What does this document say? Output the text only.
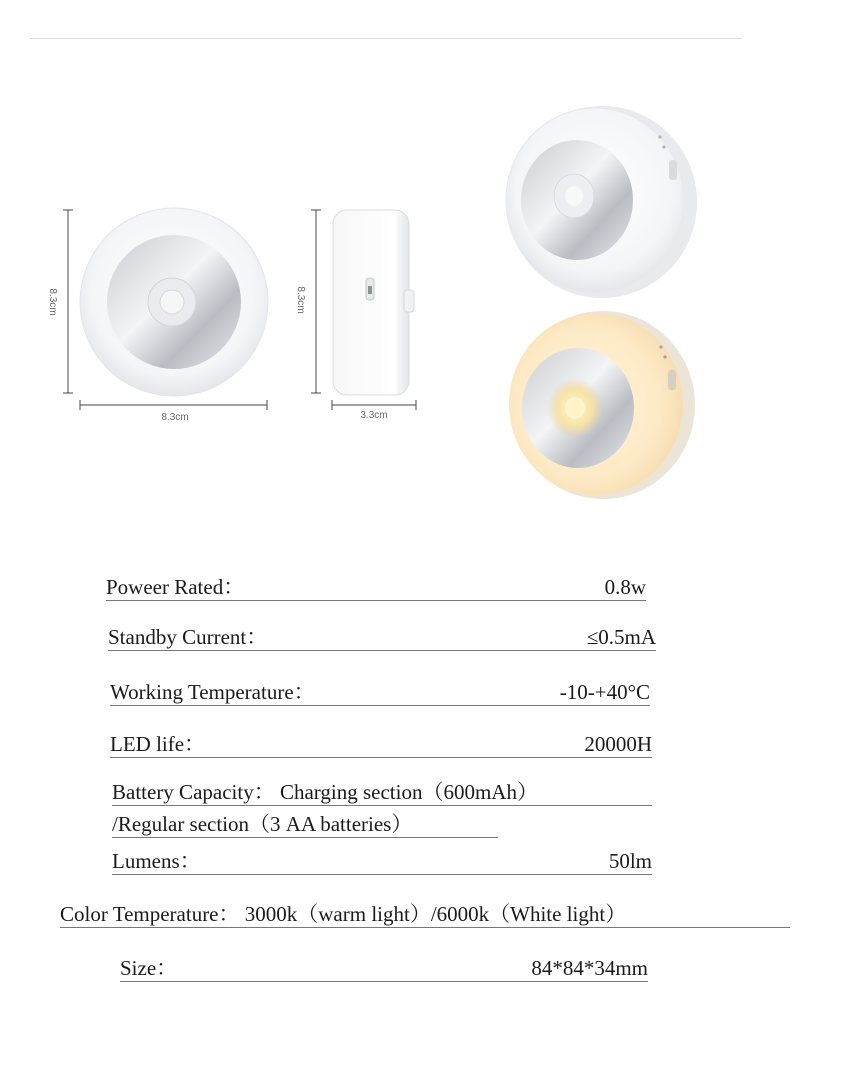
8.3cm
8.3cm
8.3cm
3.3cm
Poweer Rated：	0.8w
Standby Current：	≤0.5mA
Working Temperature：	-10-+40°C
LED life：	20000H
Battery Capacity： Charging section（600mAh）
/Regular section（3 AA batteries）
Lumens：	50lm
Color Temperature： 3000k（warm light）/6000k（White light）
Size：	84*84*34mm
